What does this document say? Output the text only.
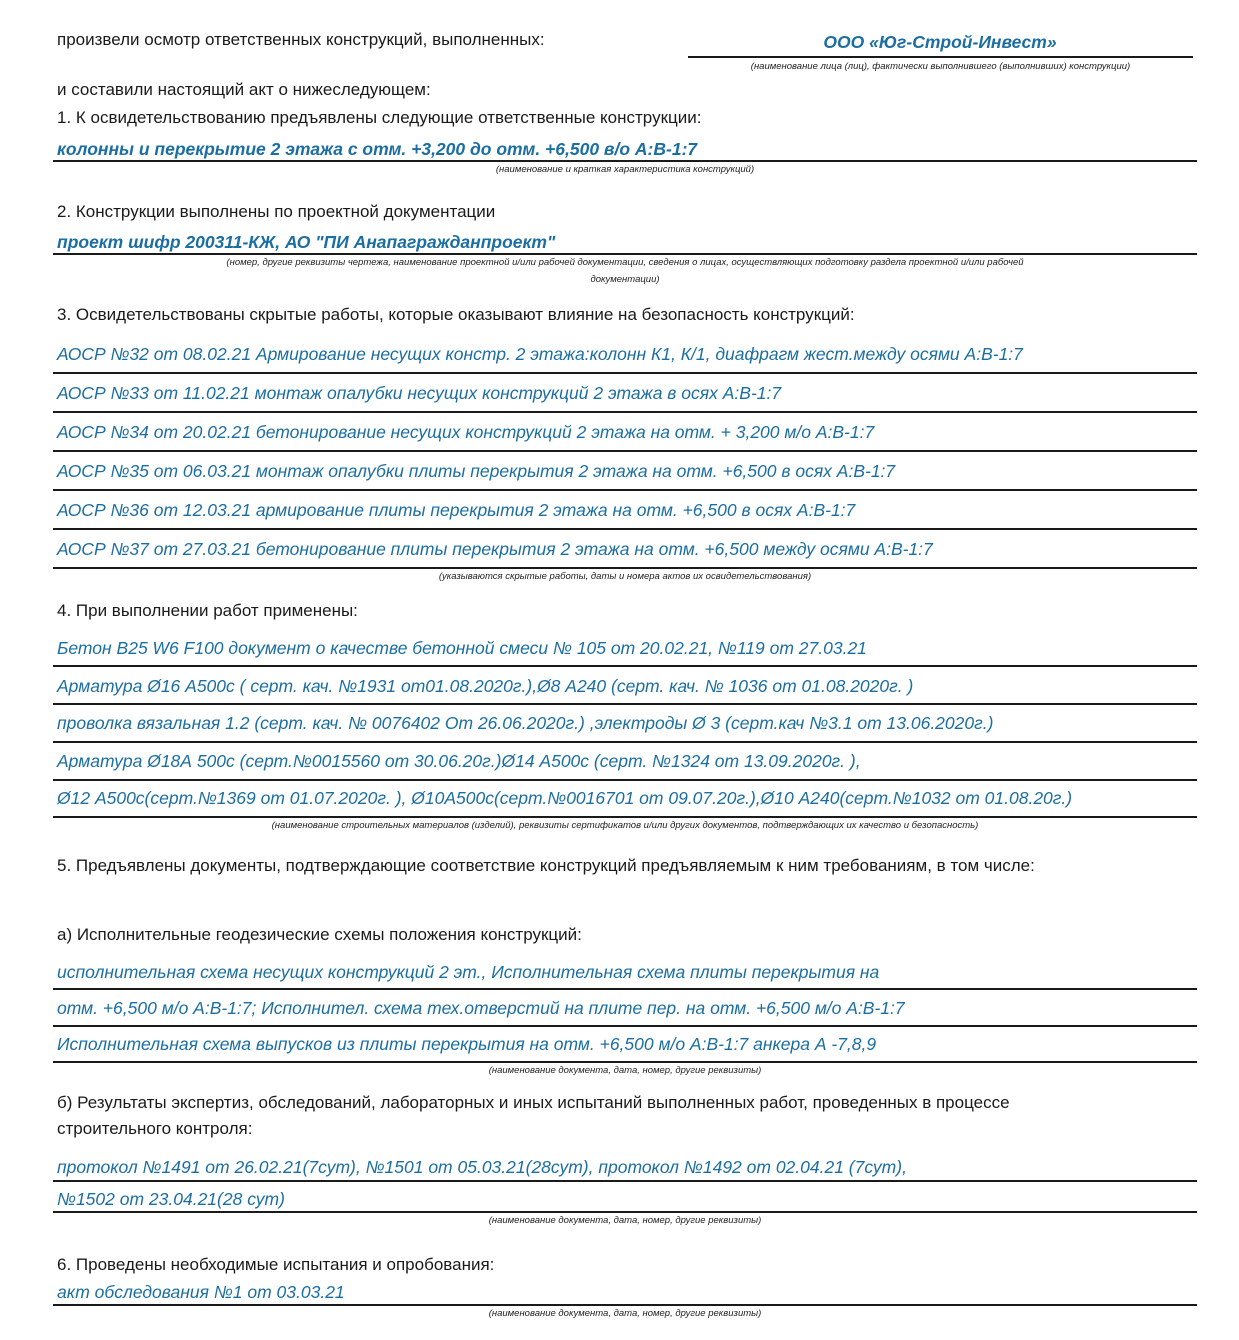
произвели осмотр ответственных конструкций, выполненных:	ООО «Юг-Строй-Инвест»
(наименование лица (лиц), фактически выполнившего (выполнивших) конструкции)
и составили настоящий акт о нижеследующем:
1. К освидетельствованию предъявлены следующие ответственные конструкции:
колонны и перекрытие 2 этажа с отм. +3,200 до отм. +6,500 в/о А:В-1:7
(наименование и краткая характеристика конструкций)
2. Конструкции выполнены по проектной документации
проект шифр 200311-КЖ, АО "ПИ Анапагражданпроект"
(номер, другие реквизиты чертежа, наименование проектной и/или рабочей документации, сведения о лицах, осуществляющих подготовку раздела проектной и/или рабочей
документации)
3. Освидетельствованы скрытые работы, которые оказывают влияние на безопасность конструкций:
АОСР №32 от 08.02.21 Армирование несущих констр. 2 этажа:колонн К1, К/1, диафрагм жест.между осями А:В-1:7
АОСР №33 от 11.02.21 монтаж опалубки несущих конструкций 2 этажа в осях А:В-1:7
АОСР №34 от 20.02.21 бетонирование несущих конструкций 2 этажа на отм. + 3,200 м/о А:В-1:7
АОСР №35 от 06.03.21 монтаж опалубки плиты перекрытия 2 этажа на отм. +6,500 в осях А:В-1:7
АОСР №36 от 12.03.21 армирование плиты перекрытия 2 этажа на отм. +6,500 в осях А:В-1:7
АОСР №37 от 27.03.21 бетонирование плиты перекрытия 2 этажа на отм. +6,500 между осями А:В-1:7
(указываются скрытые работы, даты и номера актов их освидетельствования)
4. При выполнении работ применены:
Бетон В25 W6 F100 документ о качестве бетонной смеси № 105 от 20.02.21, №119 от 27.03.21
Арматура Ø16 А500с ( серт. кач. №1931 от01.08.2020г.),Ø8 А240 (серт. кач. № 1036 от 01.08.2020г. )
проволка вязальная 1.2 (серт. кач. № 0076402 От 26.06.2020г.) ,электроды Ø 3 (серт.кач №3.1 от 13.06.2020г.)
Арматура Ø18А 500с (серт.№0015560 от 30.06.20г.)Ø14 А500с (серт. №1324 от 13.09.2020г. ),
Ø12 А500с(серт.№1369 от 01.07.2020г. ), Ø10А500с(серт.№0016701 от 09.07.20г.),Ø10 А240(серт.№1032 от 01.08.20г.)
(наименование строительных материалов (изделий), реквизиты сертификатов и/или других документов, подтверждающих их качество и безопасность)
5. Предъявлены документы, подтверждающие соответствие конструкций предъявляемым к ним требованиям, в том числе:
а) Исполнительные геодезические схемы положения конструкций:
исполнительная схема несущих конструкций 2 эт., Исполнительная схема плиты перекрытия на
отм. +6,500 м/о А:В-1:7; Исполнител. схема тех.отверстий на плите пер. на отм. +6,500 м/о А:В-1:7
Исполнительная схема выпусков из плиты перекрытия на отм. +6,500 м/о А:В-1:7 анкера А -7,8,9
(наименование документа, дата, номер, другие реквизиты)
б) Результаты экспертиз, обследований, лабораторных и иных испытаний выполненных работ, проведенных в процессе
строительного контроля:
протокол №1491 от 26.02.21(7сут), №1501 от 05.03.21(28сут), протокол №1492 от 02.04.21 (7сут),
№1502 от 23.04.21(28 сут)
(наименование документа, дата, номер, другие реквизиты)
6. Проведены необходимые испытания и опробования:
акт обследования №1 от 03.03.21
(наименование документа, дата, номер, другие реквизиты)
